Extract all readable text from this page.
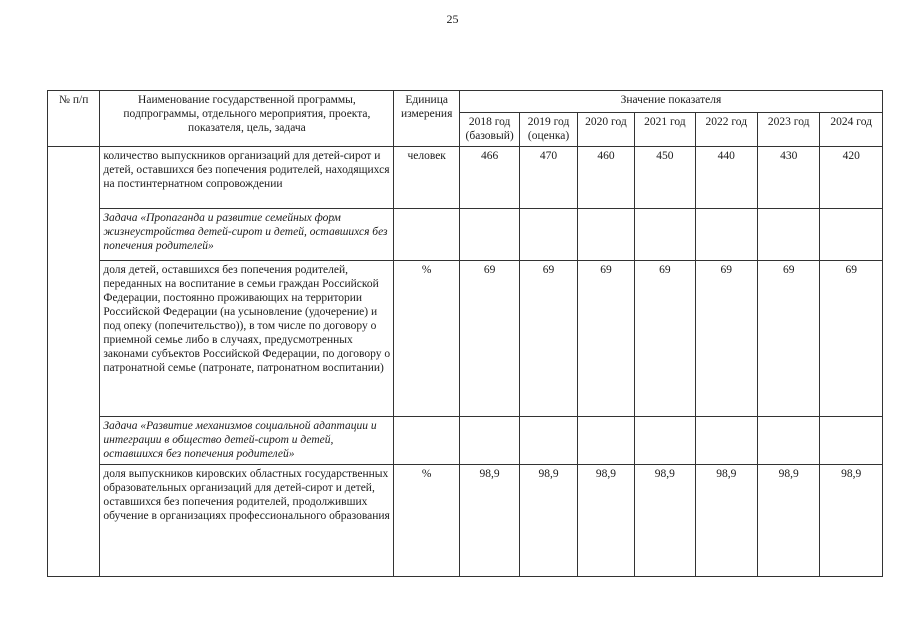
25
№ п/п	Наименование государственной программы, подпрограммы, отдельного мероприятия, проекта, показателя, цель, задача	Единица измерения	Значение показателя						
			2018 год (базовый)	2019 год (оценка)	2020 год	2021 год	2022 год	2023 год	2024 год
	количество выпускников организаций для детей-сирот и детей, оставшихся без попечения родителей, находящихся на постинтернатном сопровождении	человек	466	470	460	450	440	430	420
	Задача «Пропаганда и развитие семейных форм жизнеустройства детей-сирот и детей, оставшихся без попечения родителей»								
	доля детей, оставшихся без попечения родителей, переданных на воспитание в семьи граждан Российской Федерации, постоянно проживающих на территории Российской Федерации (на усыновление (удочерение) и под опеку (попечительство)), в том числе по договору о приемной семье либо в случаях, предусмотренных законами субъектов Российской Федерации, по договору о патронатной семье (патронате, патронатном воспитании)	%	69	69	69	69	69	69	69
	Задача «Развитие механизмов социальной адаптации и интеграции в общество детей-сирот и детей, оставшихся без попечения родителей»								
	доля выпускников кировских областных государственных образовательных организаций для детей-сирот и детей, оставшихся без попечения родителей, продолживших обучение в организациях профессионального образования	%	98,9	98,9	98,9	98,9	98,9	98,9	98,9
